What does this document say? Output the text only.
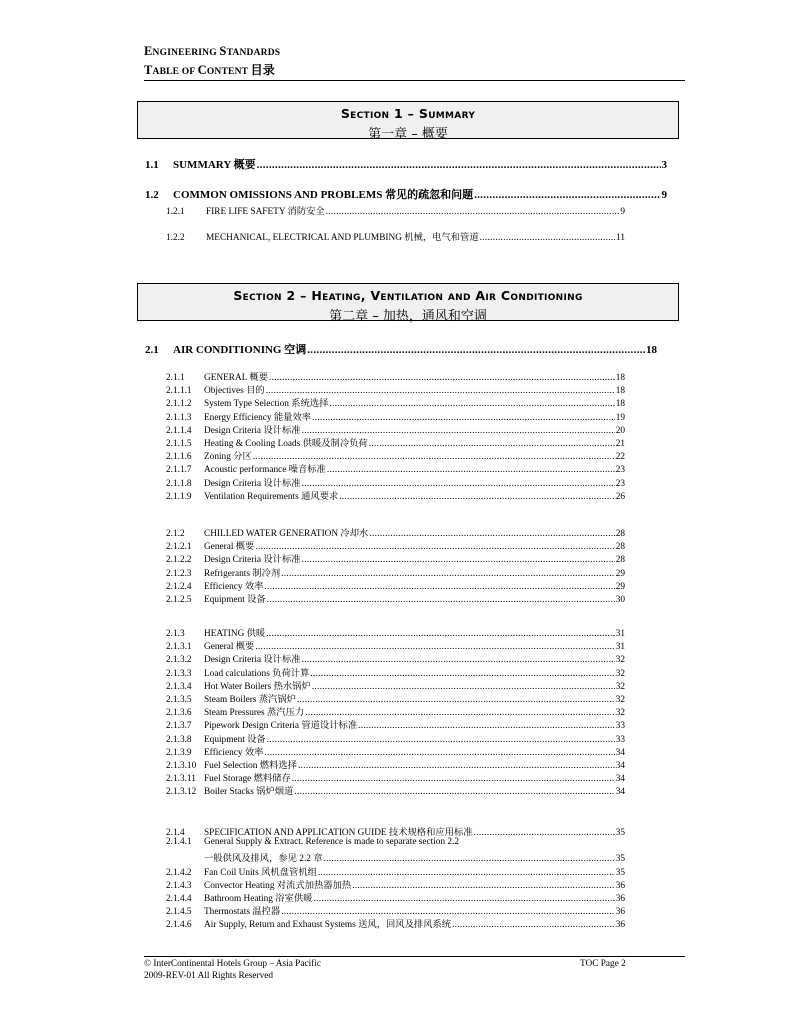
ENGINEERING STANDARDS
TABLE OF CONTENT 目录
Section 1 – Summary
第一章 – 概要
1.1	SUMMARY 概要 .....	3
1.2	COMMON OMISSIONS AND PROBLEMS 常见的疏忽和问题 .....	9
1.2.1	FIRE LIFE SAFETY 消防安全 .....	9
1.2.2	MECHANICAL, ELECTRICAL AND PLUMBING 机械，电气和管道 .....	11
Section 2 – Heating, Ventilation and Air Conditioning
第二章 – 加热，通风和空调
2.1	AIR CONDITIONING 空调 .....	18
2.1.1	GENERAL 概要 .....	18
2.1.1.1	Objectives 目的 .....	18
2.1.1.2	System Type Selection 系统选择 .....	18
2.1.1.3	Energy Efficiency 能量效率 .....	19
2.1.1.4	Design Criteria 设计标准 .....	20
2.1.1.5	Heating & Cooling Loads 供暖及制冷负荷 .....	21
2.1.1.6	Zoning 分区 .....	22
2.1.1.7	Acoustic performance 噪音标准 .....	23
2.1.1.8	Design Criteria 设计标准 .....	23
2.1.1.9	Ventilation Requirements 通风要求 .....	26
2.1.2	CHILLED WATER GENERATION 冷却水 .....	28
2.1.2.1	General 概要 .....	28
2.1.2.2	Design Criteria 设计标准 .....	28
2.1.2.3	Refrigerants 制冷剂 .....	29
2.1.2.4	Efficiency 效率 .....	29
2.1.2.5	Equipment 设备 .....	30
2.1.3	HEATING 供暖 .....	31
2.1.3.1	General 概要 .....	31
2.1.3.2	Design Criteria 设计标准 .....	32
2.1.3.3	Load calculations 负荷计算 .....	32
2.1.3.4	Hot Water Boilers 热水锅炉 .....	32
2.1.3.5	Steam Boilers 蒸汽锅炉 .....	32
2.1.3.6	Steam Pressures 蒸汽压力 .....	32
2.1.3.7	Pipework Design Criteria 管道设计标准 .....	33
2.1.3.8	Equipment 设备 .....	33
2.1.3.9	Efficiency 效率 .....	34
2.1.3.10 Fuel Selection 燃料选择 .....	34
2.1.3.11 Fuel Storage 燃料储存 .....	34
2.1.3.12 Boiler Stacks 锅炉烟道 .....	34
2.1.4	SPECIFICATION AND APPLICATION GUIDE 技术规格和应用标准 .....	35
2.1.4.1 General Supply & Extract. Reference is made to separate section 2.2
一般供风及排风，参见 2.2 章 .....	35
2.1.4.2	Fan Coil Units 风机盘管机组 .....	35
2.1.4.3	Convector Heating 对流式加热器加热 .....	36
2.1.4.4	Bathroom Heating 浴室供暖 .....	36
2.1.4.5	Thermostats 温控器 .....	36
2.1.4.6	Air Supply, Return and Exhaust Systems 送风，回风及排风系统 .....	36
© InterContinental Hotels Group – Asia Pacific	TOC Page 2
2009-REV-01 All Rights Reserved
